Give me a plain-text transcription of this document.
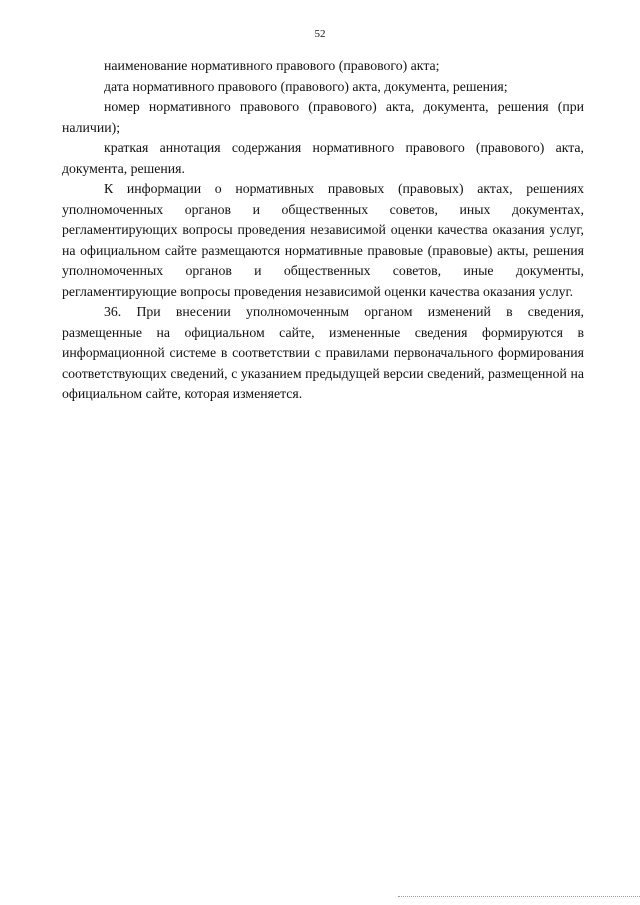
52

наименование нормативного правового (правового) акта;

дата нормативного правового (правового) акта, документа, решения;

номер нормативного правового (правового) акта, документа, решения (при наличии);

краткая аннотация содержания нормативного правового (правового) акта, документа, решения.

К информации о нормативных правовых (правовых) актах, решениях уполномоченных органов и общественных советов, иных документах, регламентирующих вопросы проведения независимой оценки качества оказания услуг, на официальном сайте размещаются нормативные правовые (правовые) акты, решения уполномоченных органов и общественных советов, иные документы, регламентирующие вопросы проведения независимой оценки качества оказания услуг.

36. При внесении уполномоченным органом изменений в сведения, размещенные на официальном сайте, измененные сведения формируются в информационной системе в соответствии с правилами первоначального формирования соответствующих сведений, с указанием предыдущей версии сведений, размещенной на официальном сайте, которая изменяется.
